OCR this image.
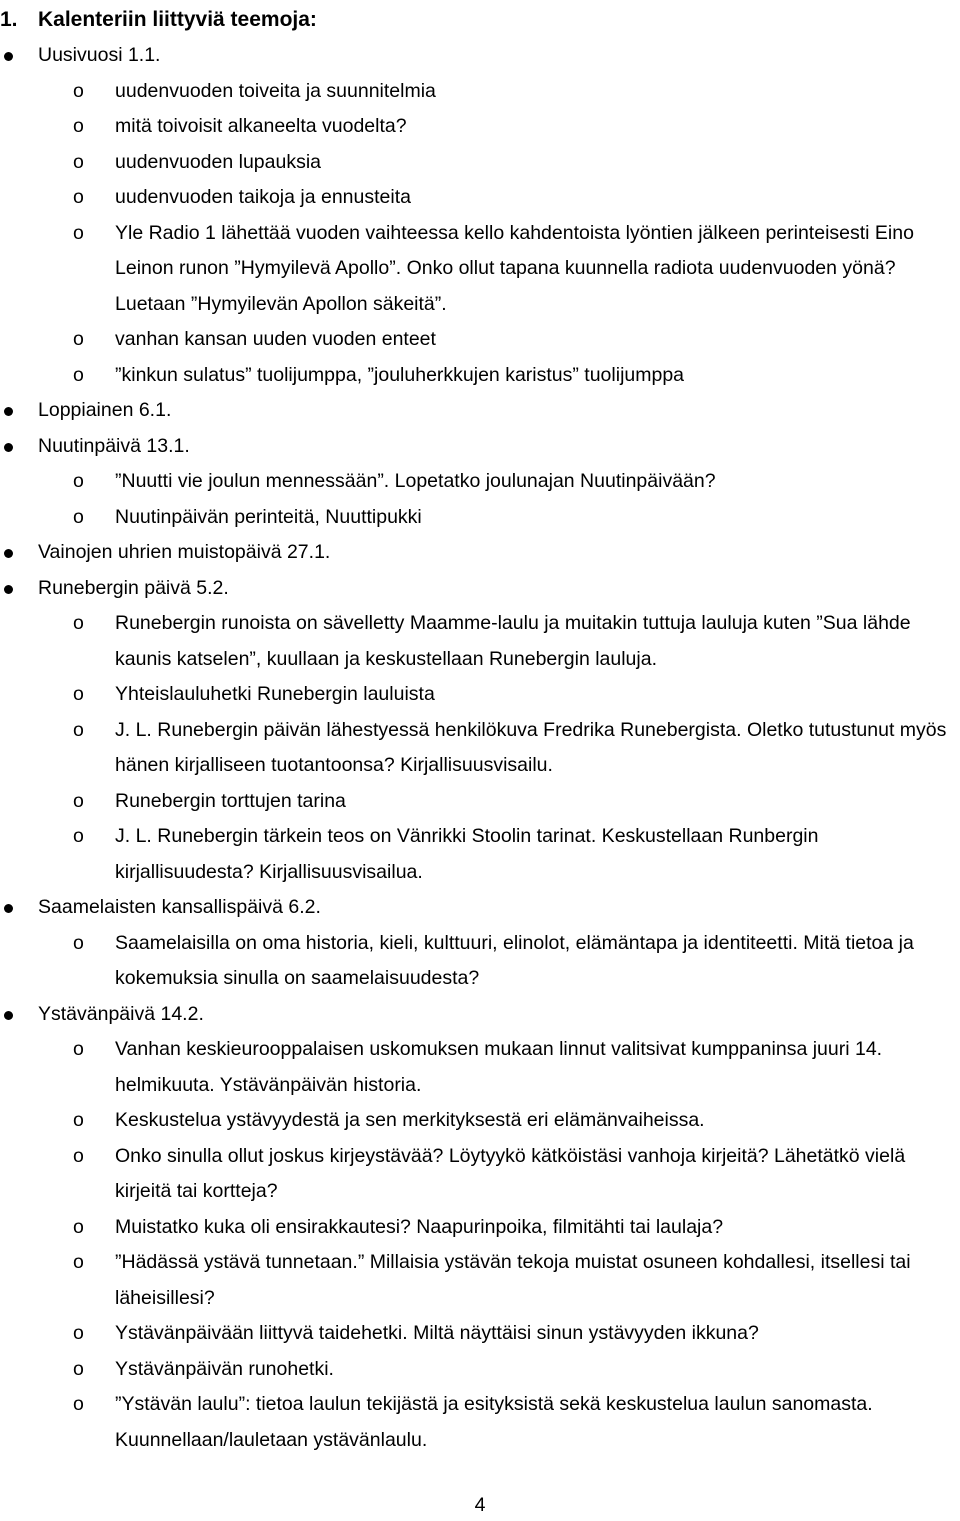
1. Kalenteriin liittyviä teemoja:
Uusivuosi 1.1.
o uudenvuoden toiveita ja suunnitelmia
o mitä toivoisit alkaneelta vuodelta?
o uudenvuoden lupauksia
o uudenvuoden taikoja ja ennusteita
o Yle Radio 1 lähettää vuoden vaihteessa kello kahdentoista lyöntien jälkeen perinteisesti Eino Leinon runon ”Hymyilevä Apollo”. Onko ollut tapana kuunnella radiota uudenvuoden yönä? Luetaan ”Hymyilevän Apollon säkeitä”.
o vanhan kansan uuden vuoden enteet
o ”kinkun sulatus” tuolijumppa, ”jouluherkkujen karistus” tuolijumppa
Loppiainen 6.1.
Nuutinpäivä 13.1.
o ”Nuutti vie joulun mennessään”. Lopetatko joulunajan Nuutinpäivään?
o Nuutinpäivän perinteitä, Nuuttipukki
Vainojen uhrien muistopäivä 27.1.
Runebergin päivä 5.2.
o Runebergin runoista on sävelletty Maamme-laulu ja muitakin tuttuja lauluja kuten ”Sua lähde kaunis katselen”, kuullaan ja keskustellaan Runebergin lauluja.
o Yhteislauluhetki Runebergin lauluista
o J. L. Runebergin päivän lähestyessä henkilökuva Fredrika Runebergista. Oletko tutustunut myös hänen kirjalliseen tuotantoonsa? Kirjallisuusvisailu.
o Runebergin torttujen tarina
o J. L. Runebergin tärkein teos on Vänrikki Stoolin tarinat. Keskustellaan Runbergin kirjallisuudesta? Kirjallisuusvisailua.
Saamelaisten kansallispäivä 6.2.
o Saamelaisilla on oma historia, kieli, kulttuuri, elinolot, elämäntapa ja identiteetti. Mitä tietoa ja kokemuksia sinulla on saamelaisuudesta?
Ystävänpäivä 14.2.
o Vanhan keskieurooppalaisen uskomuksen mukaan linnut valitsivat kumppaninsa juuri 14. helmikuuta. Ystävänpäivän historia.
o Keskustelua ystävyydestä ja sen merkityksestä eri elämänvaiheissa.
o Onko sinulla ollut joskus kirjeystävää? Löytyykö kätköistäsi vanhoja kirjeitä? Lähetätkö vielä kirjeitä tai kortteja?
o Muistatko kuka oli ensirakkautesi? Naapurinpoika, filmitähti tai laulaja?
o ”Hädässä ystävä tunnetaan.” Millaisia ystävän tekoja muistat osuneen kohdallesi, itsellesi tai läheisillesi?
o Ystävänpäivään liittyvä taidehetki. Miltä näyttäisi sinun ystävyyden ikkuna?
o Ystävänpäivän runohetki.
o ”Ystävän laulu”: tietoa laulun tekijästä ja esityksistä sekä keskustelua laulun sanomasta. Kuunnellaan/lauletaan ystävänlaulu.
4
